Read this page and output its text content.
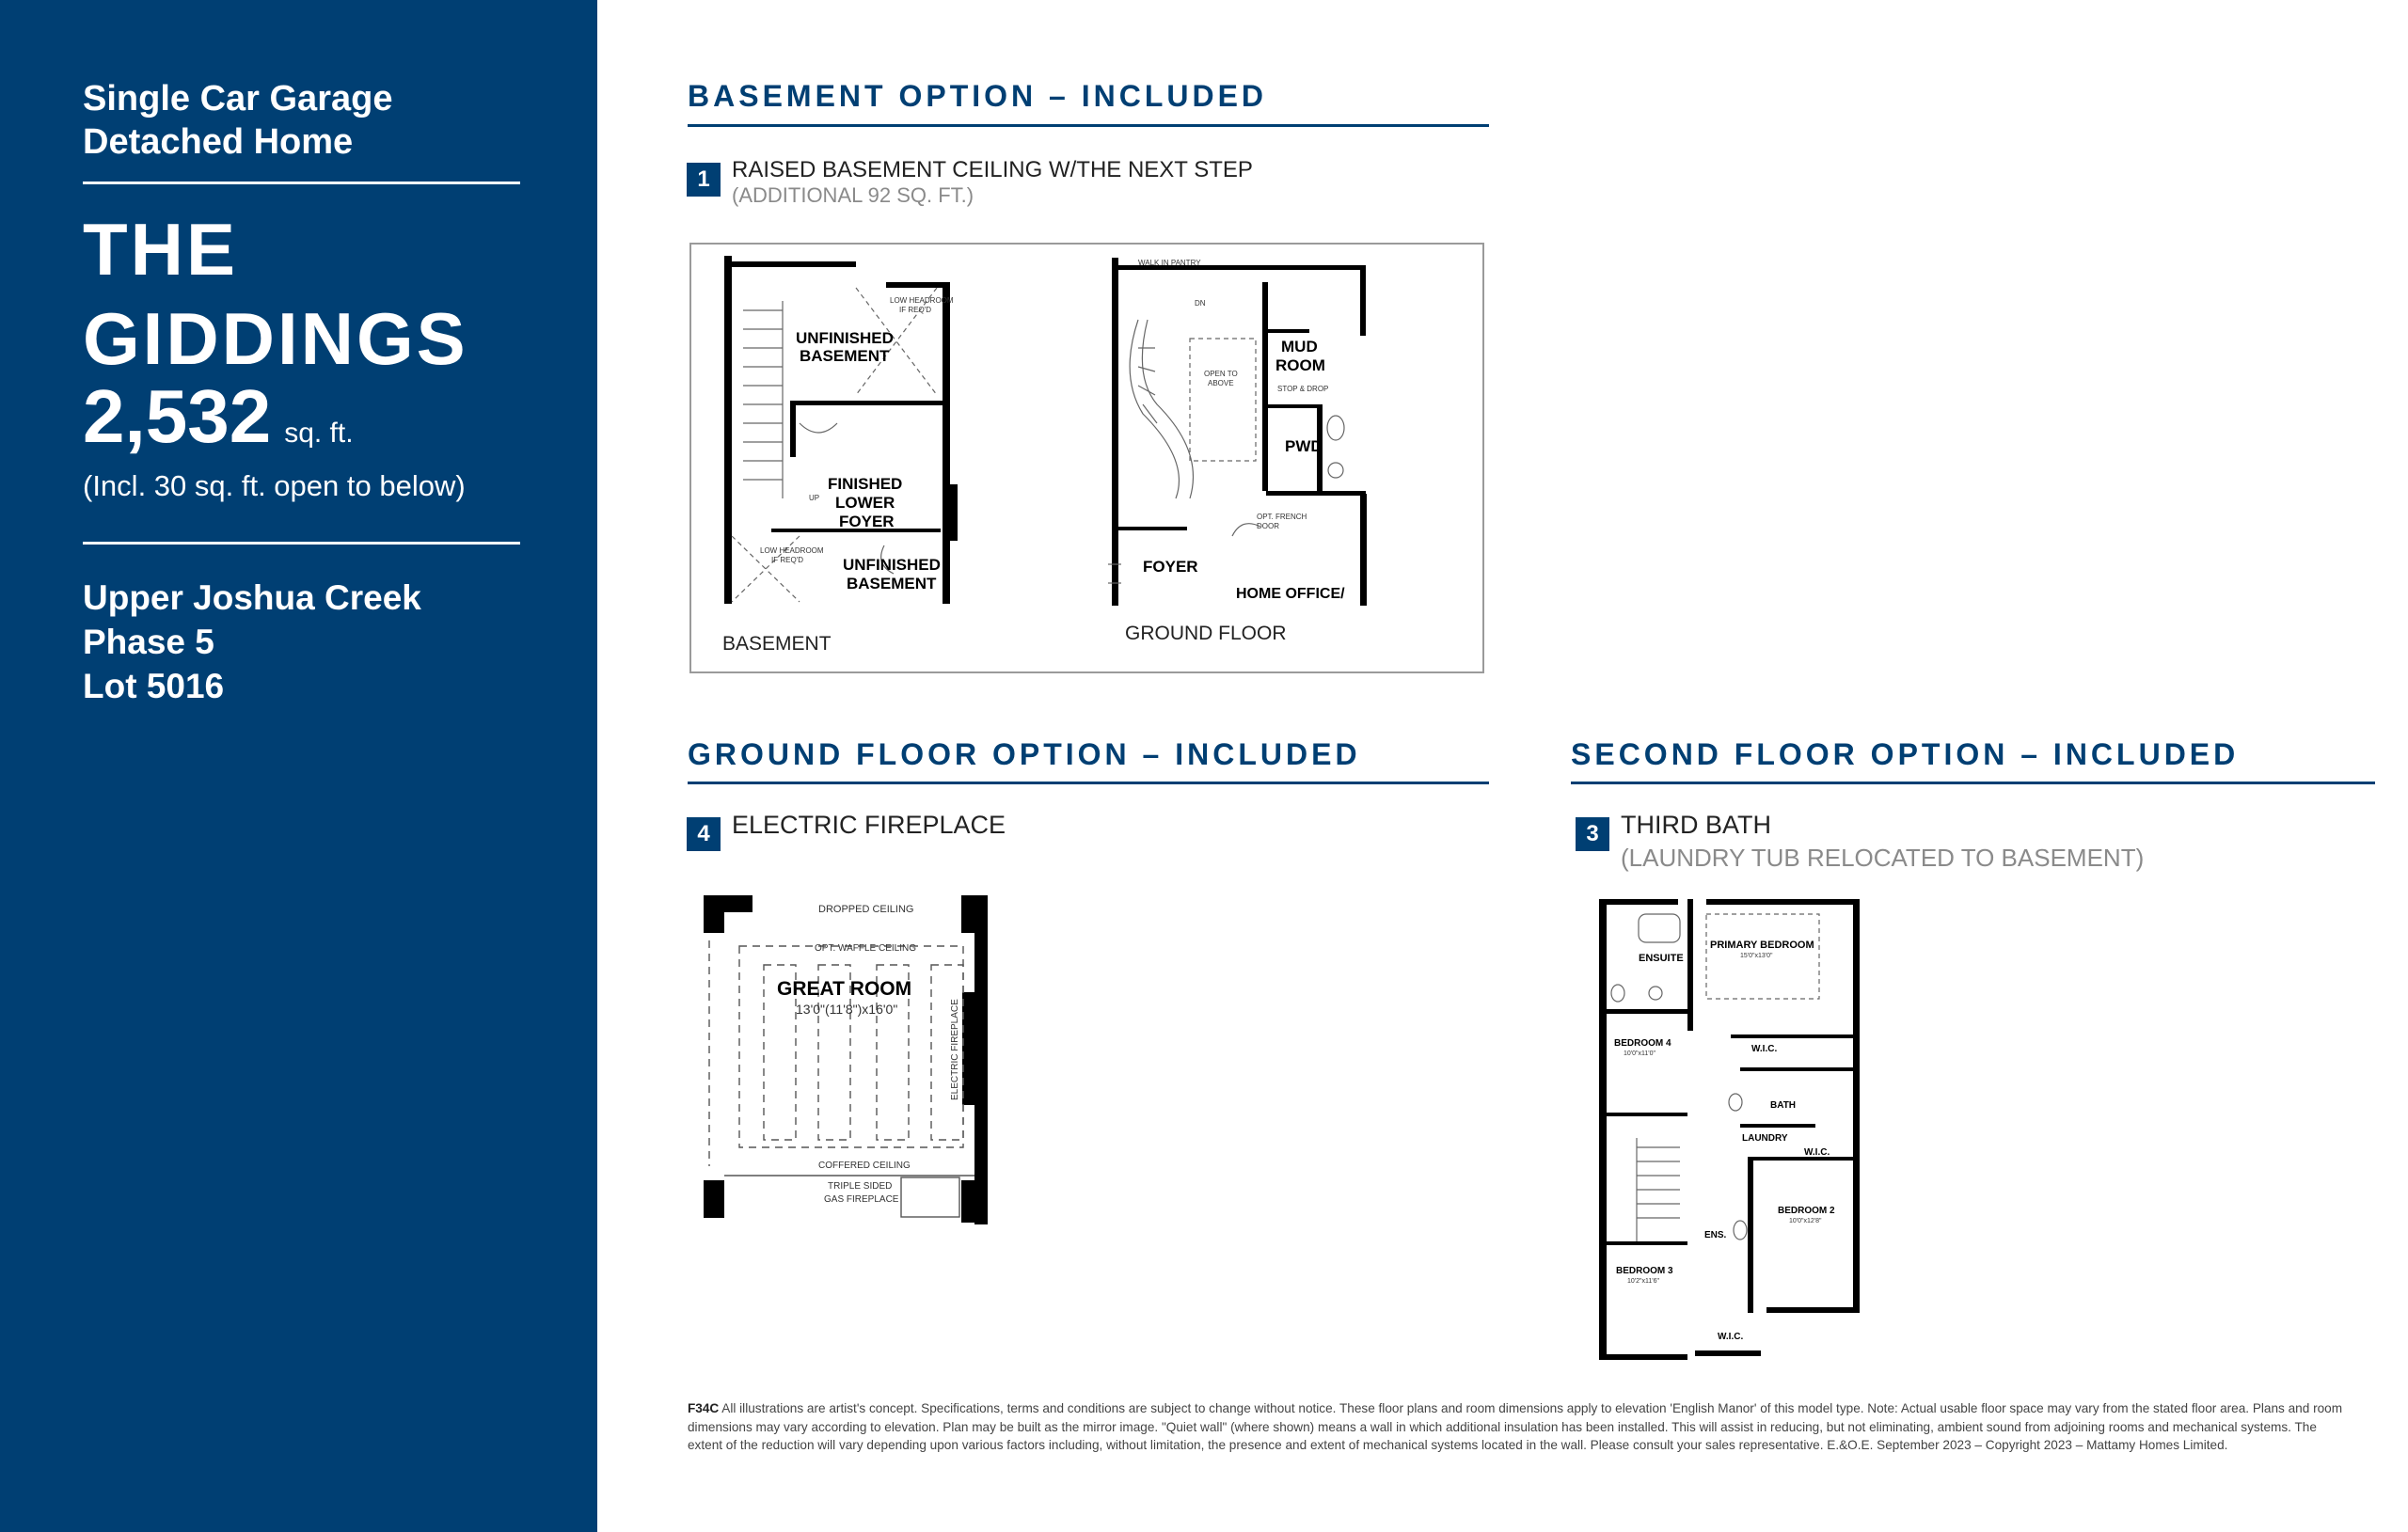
Single Car Garage
Detached Home
THE
GIDDINGS
2,532 sq. ft.
(Incl. 30 sq. ft. open to below)
Upper Joshua Creek
Phase 5
Lot 5016
BASEMENT OPTION – INCLUDED
1 RAISED BASEMENT CEILING W/THE NEXT STEP
(ADDITIONAL 92 SQ. FT.)
UNFINISHED
BASEMENT
FINISHED
LOWER
FOYER
UNFINISHED
BASEMENT
LOW HEADROOM
IF REQ'D
LOW HEADROOM
IF REQ'D
UP
BASEMENT
WALK IN PANTRY
OPEN TO
ABOVE
DN
MUD
ROOM
STOP & DROP
PWD
OPT. FRENCH
DOOR
FOYER
HOME OFFICE/
GROUND FLOOR
GROUND FLOOR OPTION – INCLUDED
4 ELECTRIC FIREPLACE
DROPPED CEILING
OPT. WAFFLE CEILING
GREAT ROOM
13'0"(11'8")x16'0"	ELECTRIC FIREPLACE
COFFERED CEILING
TRIPLE SIDED
GAS FIREPLACE
SECOND FLOOR OPTION – INCLUDED
3 THIRD BATH
(LAUNDRY TUB RELOCATED TO BASEMENT)
ENSUITE
PRIMARY BEDROOM
15'0"x13'0"
BEDROOM 4
10'0"x11'0"	W.I.C.
BATH
LAUNDRY
W.I.C.
BEDROOM 2
10'0"x12'8"
ENS.
BEDROOM 3
10'2"x11'6"
W.I.C.
F34C All illustrations are artist's concept. Specifications, terms and conditions are subject to change without notice. These floor plans and room dimensions apply to elevation 'English Manor' of this model type. Note: Actual usable floor space may vary from the stated floor area. Plans and room dimensions may vary according to elevation. Plan may be built as the mirror image. "Quiet wall" (where shown) means a wall in which additional insulation has been installed. This will assist in reducing, but not eliminating, ambient sound from adjoining rooms and mechanical systems. The extent of the reduction will vary depending upon various factors including, without limitation, the presence and extent of mechanical systems located in the wall. Please consult your sales representative. E.&O.E. September 2023 – Copyright 2023 – Mattamy Homes Limited.
